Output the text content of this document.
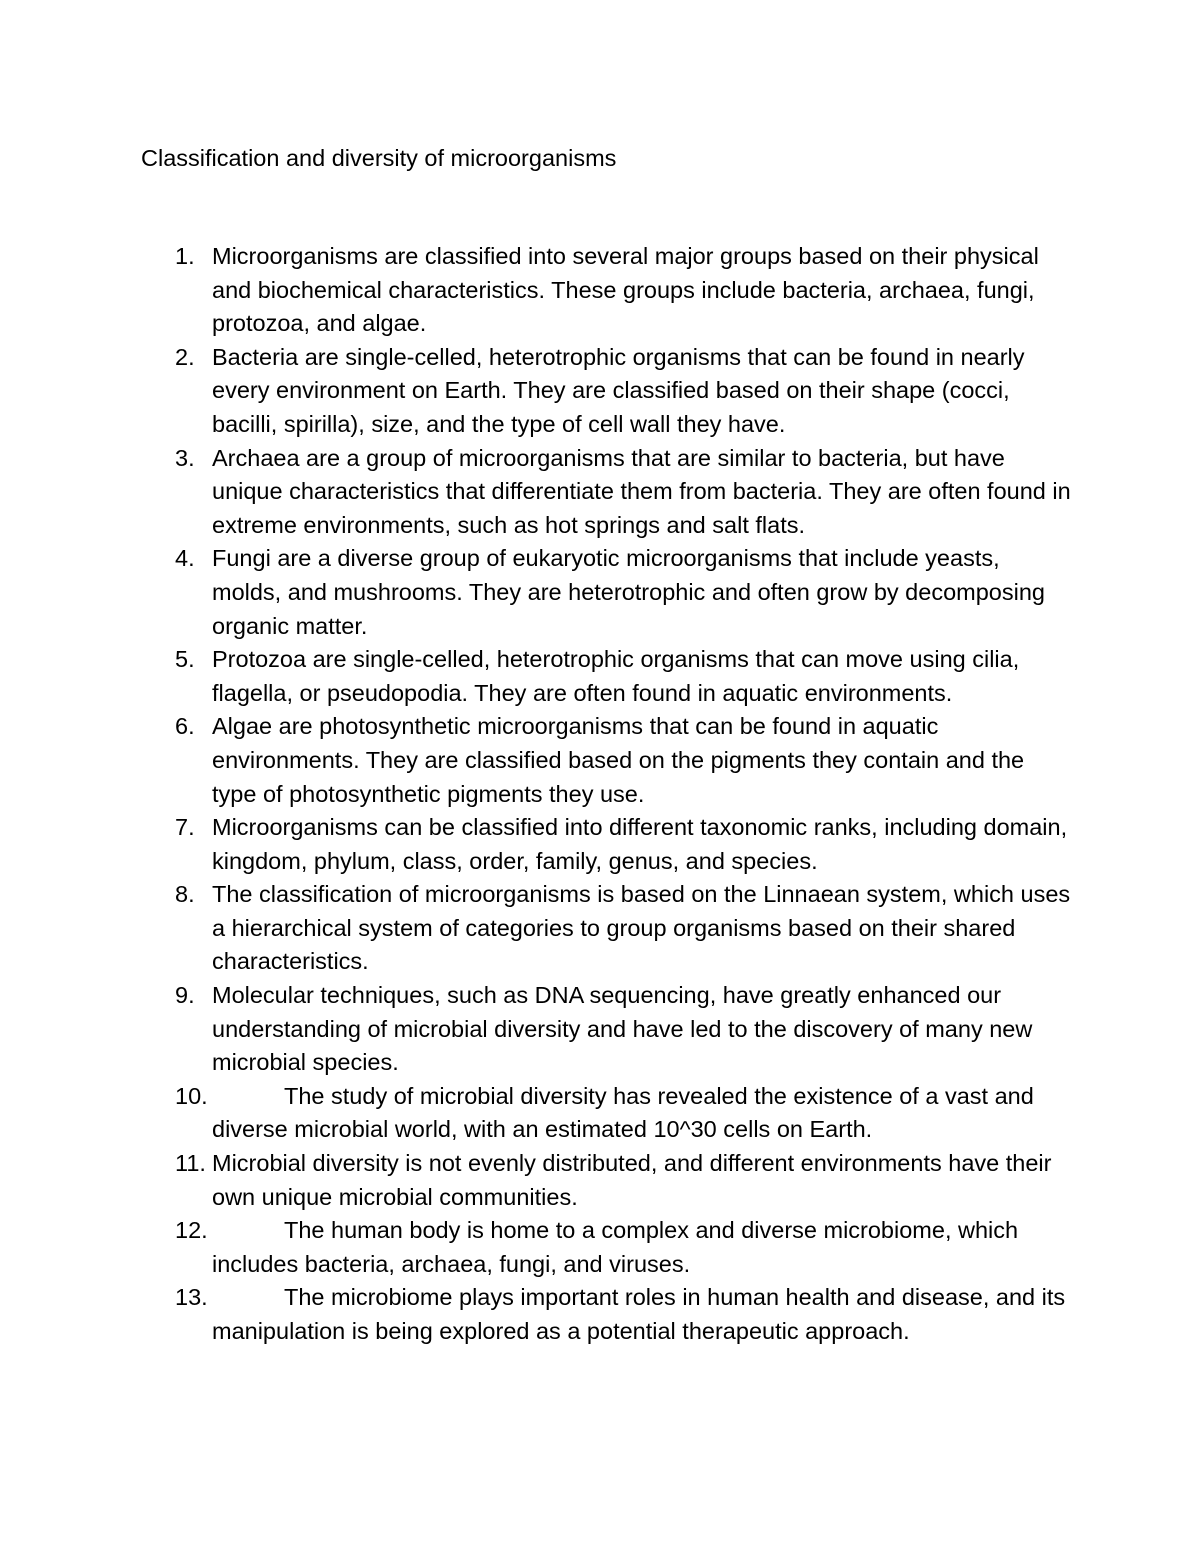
Classification and diversity of microorganisms
1. Microorganisms are classified into several major groups based on their physical and biochemical characteristics. These groups include bacteria, archaea, fungi, protozoa, and algae.
2. Bacteria are single-celled, heterotrophic organisms that can be found in nearly every environment on Earth. They are classified based on their shape (cocci, bacilli, spirilla), size, and the type of cell wall they have.
3. Archaea are a group of microorganisms that are similar to bacteria, but have unique characteristics that differentiate them from bacteria. They are often found in extreme environments, such as hot springs and salt flats.
4. Fungi are a diverse group of eukaryotic microorganisms that include yeasts, molds, and mushrooms. They are heterotrophic and often grow by decomposing organic matter.
5. Protozoa are single-celled, heterotrophic organisms that can move using cilia, flagella, or pseudopodia. They are often found in aquatic environments.
6. Algae are photosynthetic microorganisms that can be found in aquatic environments. They are classified based on the pigments they contain and the type of photosynthetic pigments they use.
7. Microorganisms can be classified into different taxonomic ranks, including domain, kingdom, phylum, class, order, family, genus, and species.
8. The classification of microorganisms is based on the Linnaean system, which uses a hierarchical system of categories to group organisms based on their shared characteristics.
9. Molecular techniques, such as DNA sequencing, have greatly enhanced our understanding of microbial diversity and have led to the discovery of many new microbial species.
10.	The study of microbial diversity has revealed the existence of a vast and diverse microbial world, with an estimated 10^30 cells on Earth.
11. Microbial diversity is not evenly distributed, and different environments have their own unique microbial communities.
12.	The human body is home to a complex and diverse microbiome, which includes bacteria, archaea, fungi, and viruses.
13.	The microbiome plays important roles in human health and disease, and its manipulation is being explored as a potential therapeutic approach.
